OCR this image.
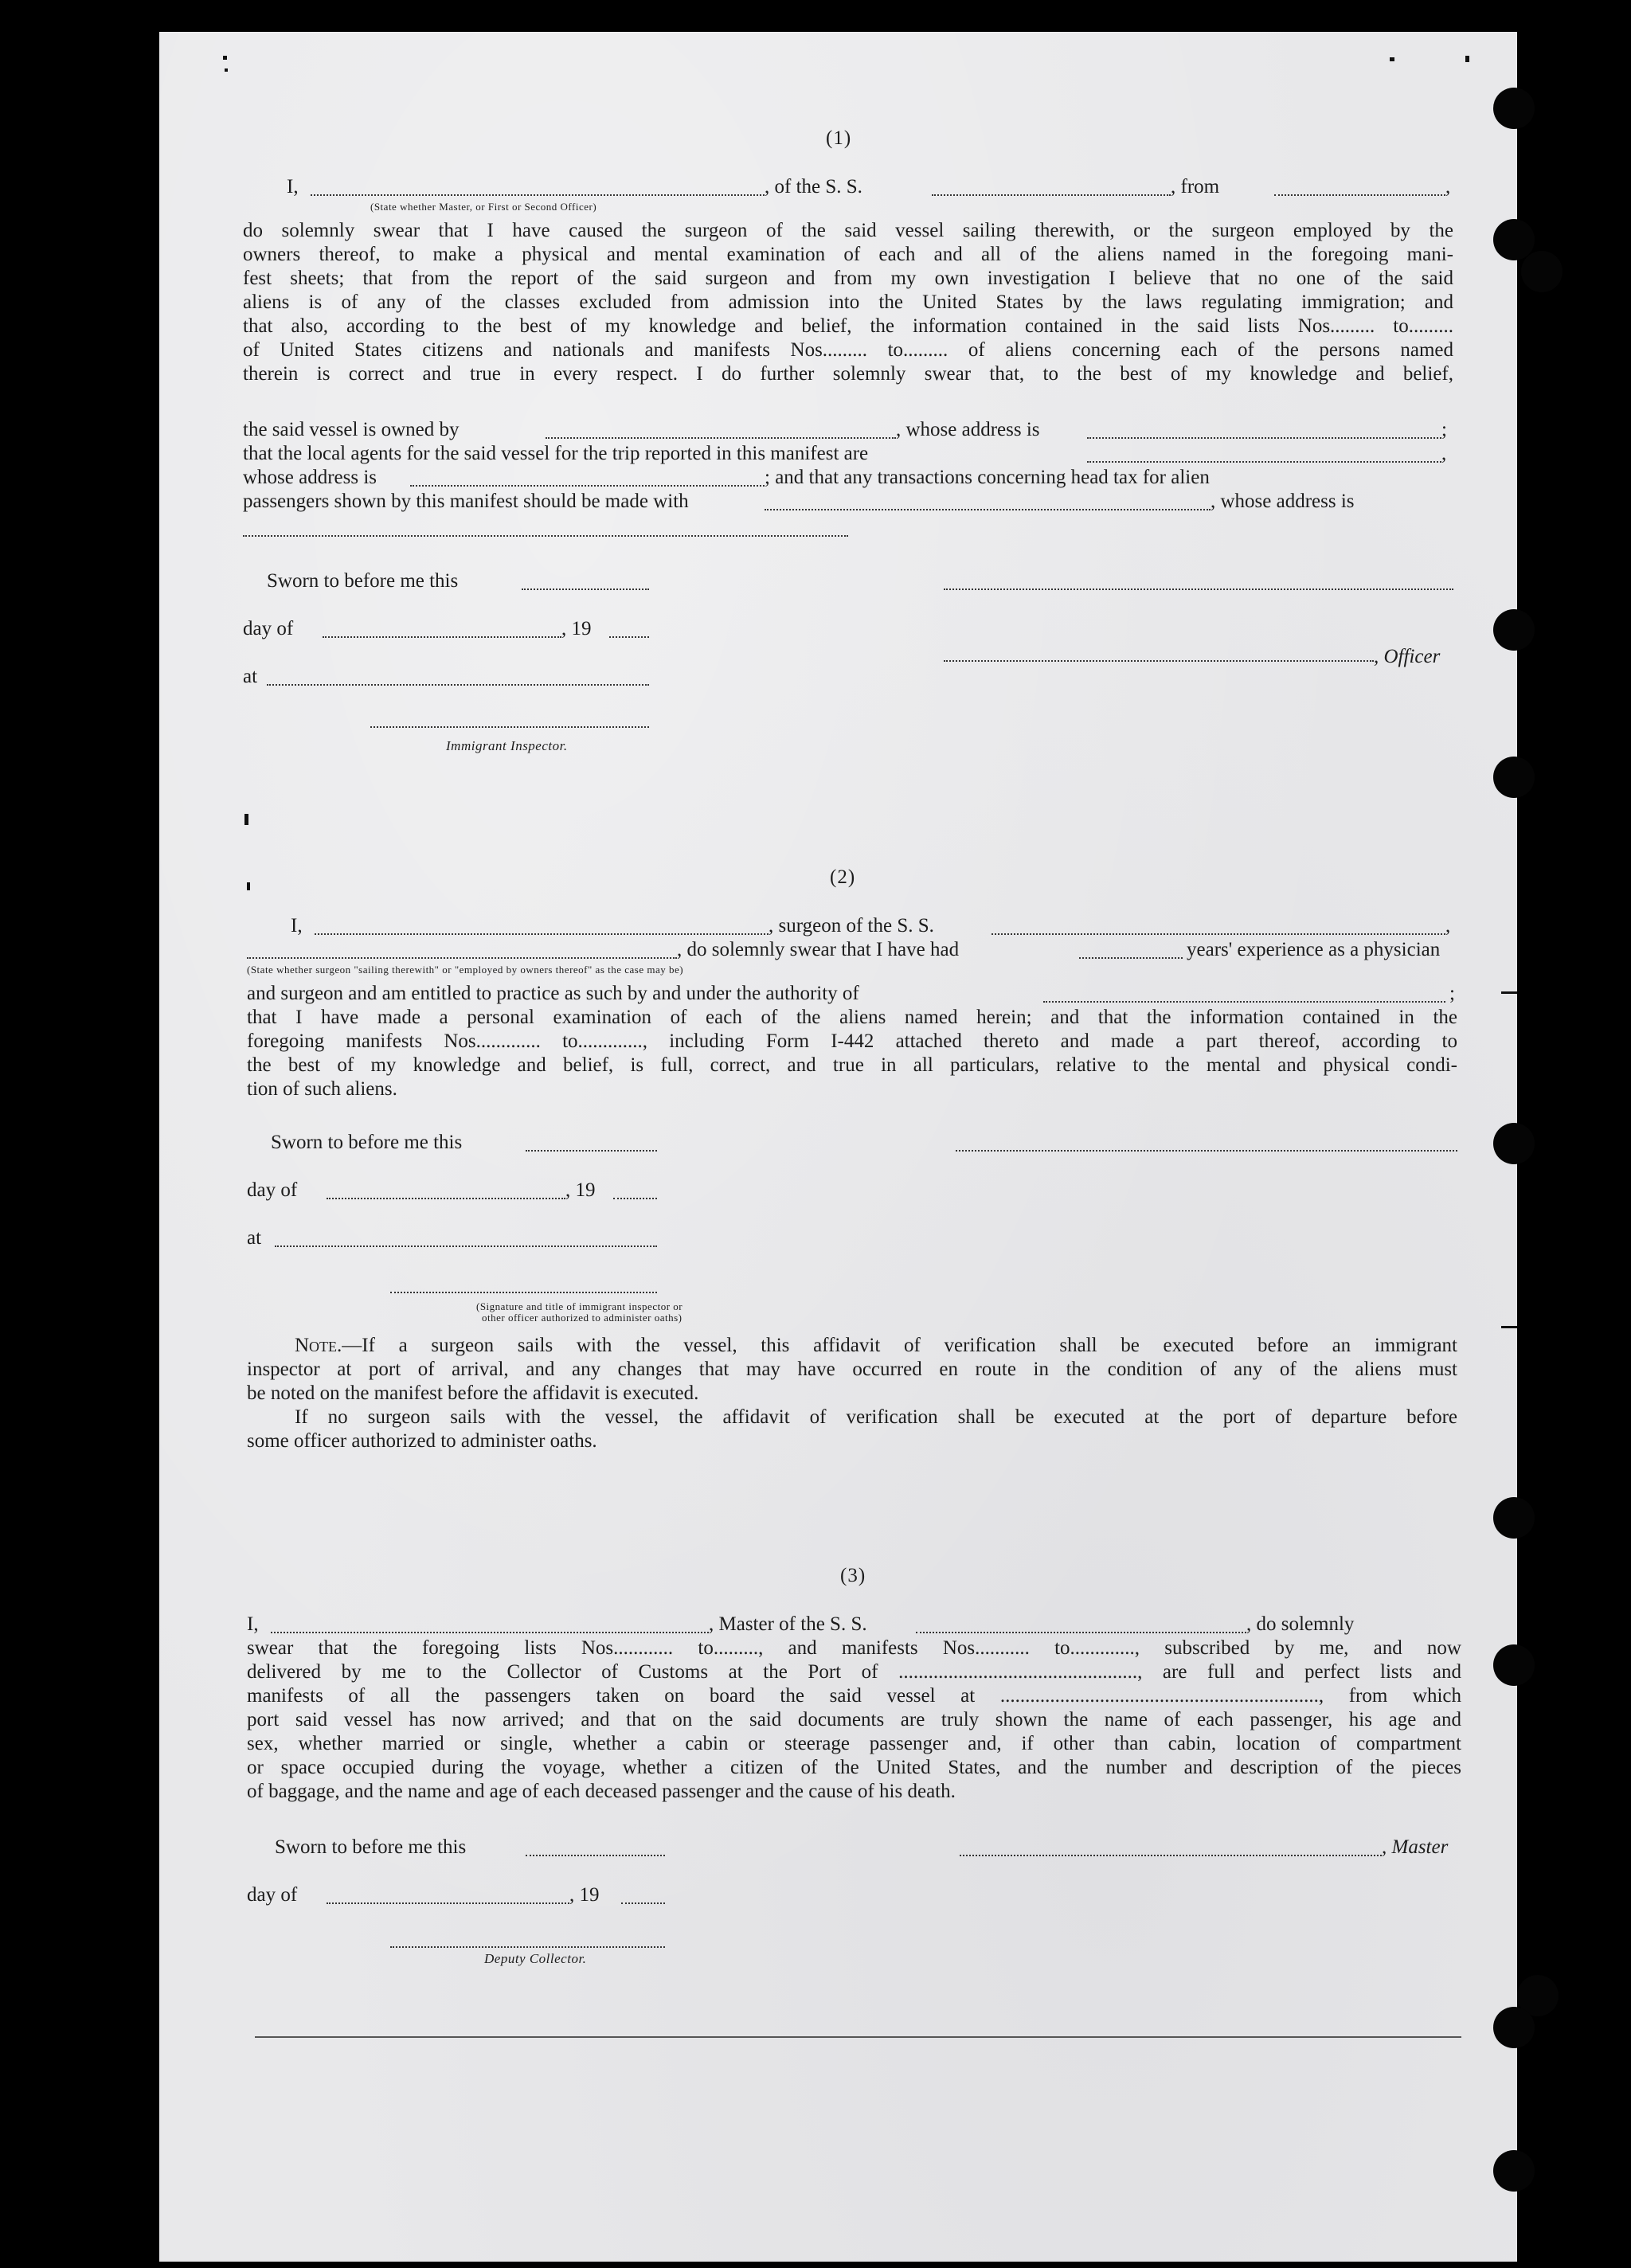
(1)
I,	, of the S. S.	, from	,
(State whether Master, or First or Second Officer)
do solemnly swear that I have caused the surgeon of the said vessel sailing therewith, or the surgeon employed by the
owners thereof, to make a physical and mental examination of each and all of the aliens named in the foregoing mani-
fest sheets; that from the report of the said surgeon and from my own investigation I believe that no one of the said
aliens is of any of the classes excluded from admission into the United States by the laws regulating immigration; and
that also, according to the best of my knowledge and belief, the information contained in the said lists Nos......... to.........
of United States citizens and nationals and manifests Nos......... to......... of aliens concerning each of the persons named
therein is correct and true in every respect. I do further solemnly swear that, to the best of my knowledge and belief,
the said vessel is owned by	, whose address is	;
that the local agents for the said vessel for the trip reported in this manifest are	,
whose address is	; and that any transactions concerning head tax for alien
passengers shown by this manifest should be made with	, whose address is
Sworn to before me this
day of	, 19
, Officer
at
Immigrant Inspector.
(2)
I,	, surgeon of the S. S.	,
, do solemnly swear that I have had	years' experience as a physician
(State whether surgeon "sailing therewith" or "employed by owners thereof" as the case may be)
and surgeon and am entitled to practice as such by and under the authority of	;
that I have made a personal examination of each of the aliens named herein; and that the information contained in the
foregoing manifests Nos............. to............., including Form I-442 attached thereto and made a part thereof, according to
the best of my knowledge and belief, is full, correct, and true in all particulars, relative to the mental and physical condi-
tion of such aliens.
Sworn to before me this
day of	, 19
at
(Signature and title of immigrant inspector or
other officer authorized to administer oaths)
Note.—If a surgeon sails with the vessel, this affidavit of verification shall be executed before an immigrant
inspector at port of arrival, and any changes that may have occurred en route in the condition of any of the aliens must
be noted on the manifest before the affidavit is executed.
If no surgeon sails with the vessel, the affidavit of verification shall be executed at the port of departure before
some officer authorized to administer oaths.
(3)
I,	, Master of the S. S.	, do solemnly
swear that the foregoing lists Nos............ to........., and manifests Nos........... to............., subscribed by me, and now
delivered by me to the Collector of Customs at the Port of ................................................, are full and perfect lists and
manifests of all the passengers taken on board the said vessel at ................................................................, from which
port said vessel has now arrived; and that on the said documents are truly shown the name of each passenger, his age and
sex, whether married or single, whether a cabin or steerage passenger and, if other than cabin, location of compartment
or space occupied during the voyage, whether a citizen of the United States, and the number and description of the pieces
of baggage, and the name and age of each deceased passenger and the cause of his death.
Sworn to before me this	, Master
day of	, 19
Deputy Collector.
